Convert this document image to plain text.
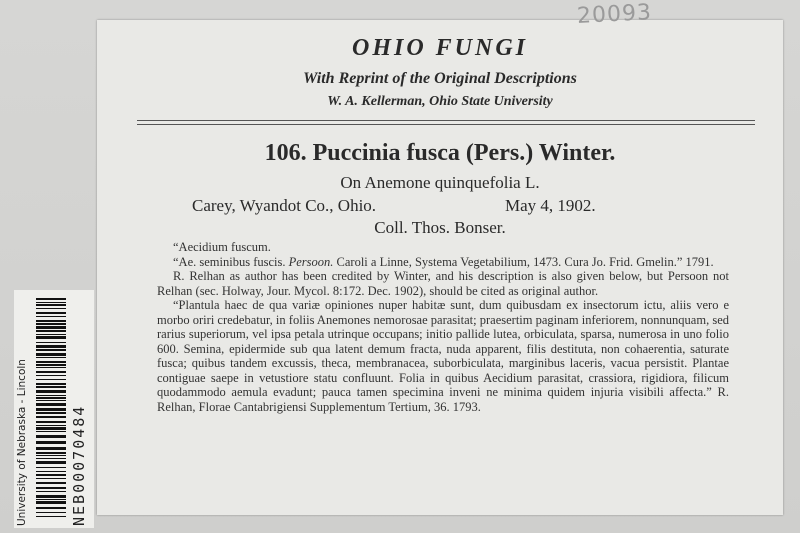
OHIO FUNGI
With Reprint of the Original Descriptions
W. A. Kellerman, Ohio State University
106. Puccinia fusca (Pers.) Winter.
On Anemone quinquefolia L.
Carey, Wyandot Co., Ohio.	May 4, 1902.
Coll. Thos. Bonser.

“Aecidium fuscum.

“Ae. seminibus fuscis. Persoon. Caroli a Linne, Systema Vegetabilium, 1473. Cura Jo. Frid. Gmelin.” 1791.

R. Relhan as author has been credited by Winter, and his description is also given below, but Persoon not Relhan (sec. Holway, Jour. Mycol. 8:172. Dec. 1902), should be cited as original author.

“Plantula haec de qua variæ opiniones nuper habitæ sunt, dum quibusdam ex insectorum ictu, aliis vero e morbo oriri credebatur, in foliis Anemones nemorosae parasitat; praesertim paginam inferiorem, nonnunquam, sed rarius superiorum, vel ipsa petala utrinque occupans; initio pallide lutea, orbiculata, sparsa, numerosa in uno folio 600. Semina, epidermide sub qua latent demum fracta, nuda apparent, filis destituta, non cohaerentia, saturate fusca; quibus tandem excussis, theca, membranacea, suborbiculata, marginibus laceris, vacua persistit. Plantae contiguae saepe in vetustiore statu confluunt. Folia in quibus Aecidium parasitat, crassiora, rigidiora, filicum quodammodo aemula evadunt; pauca tamen specimina inveni ne minima quidem injuria visibili affecta.” R. Relhan, Florae Cantabrigiensi Supplementum Tertium, 36. 1793.

20093
University of Nebraska - Lincoln	NEB00070484
